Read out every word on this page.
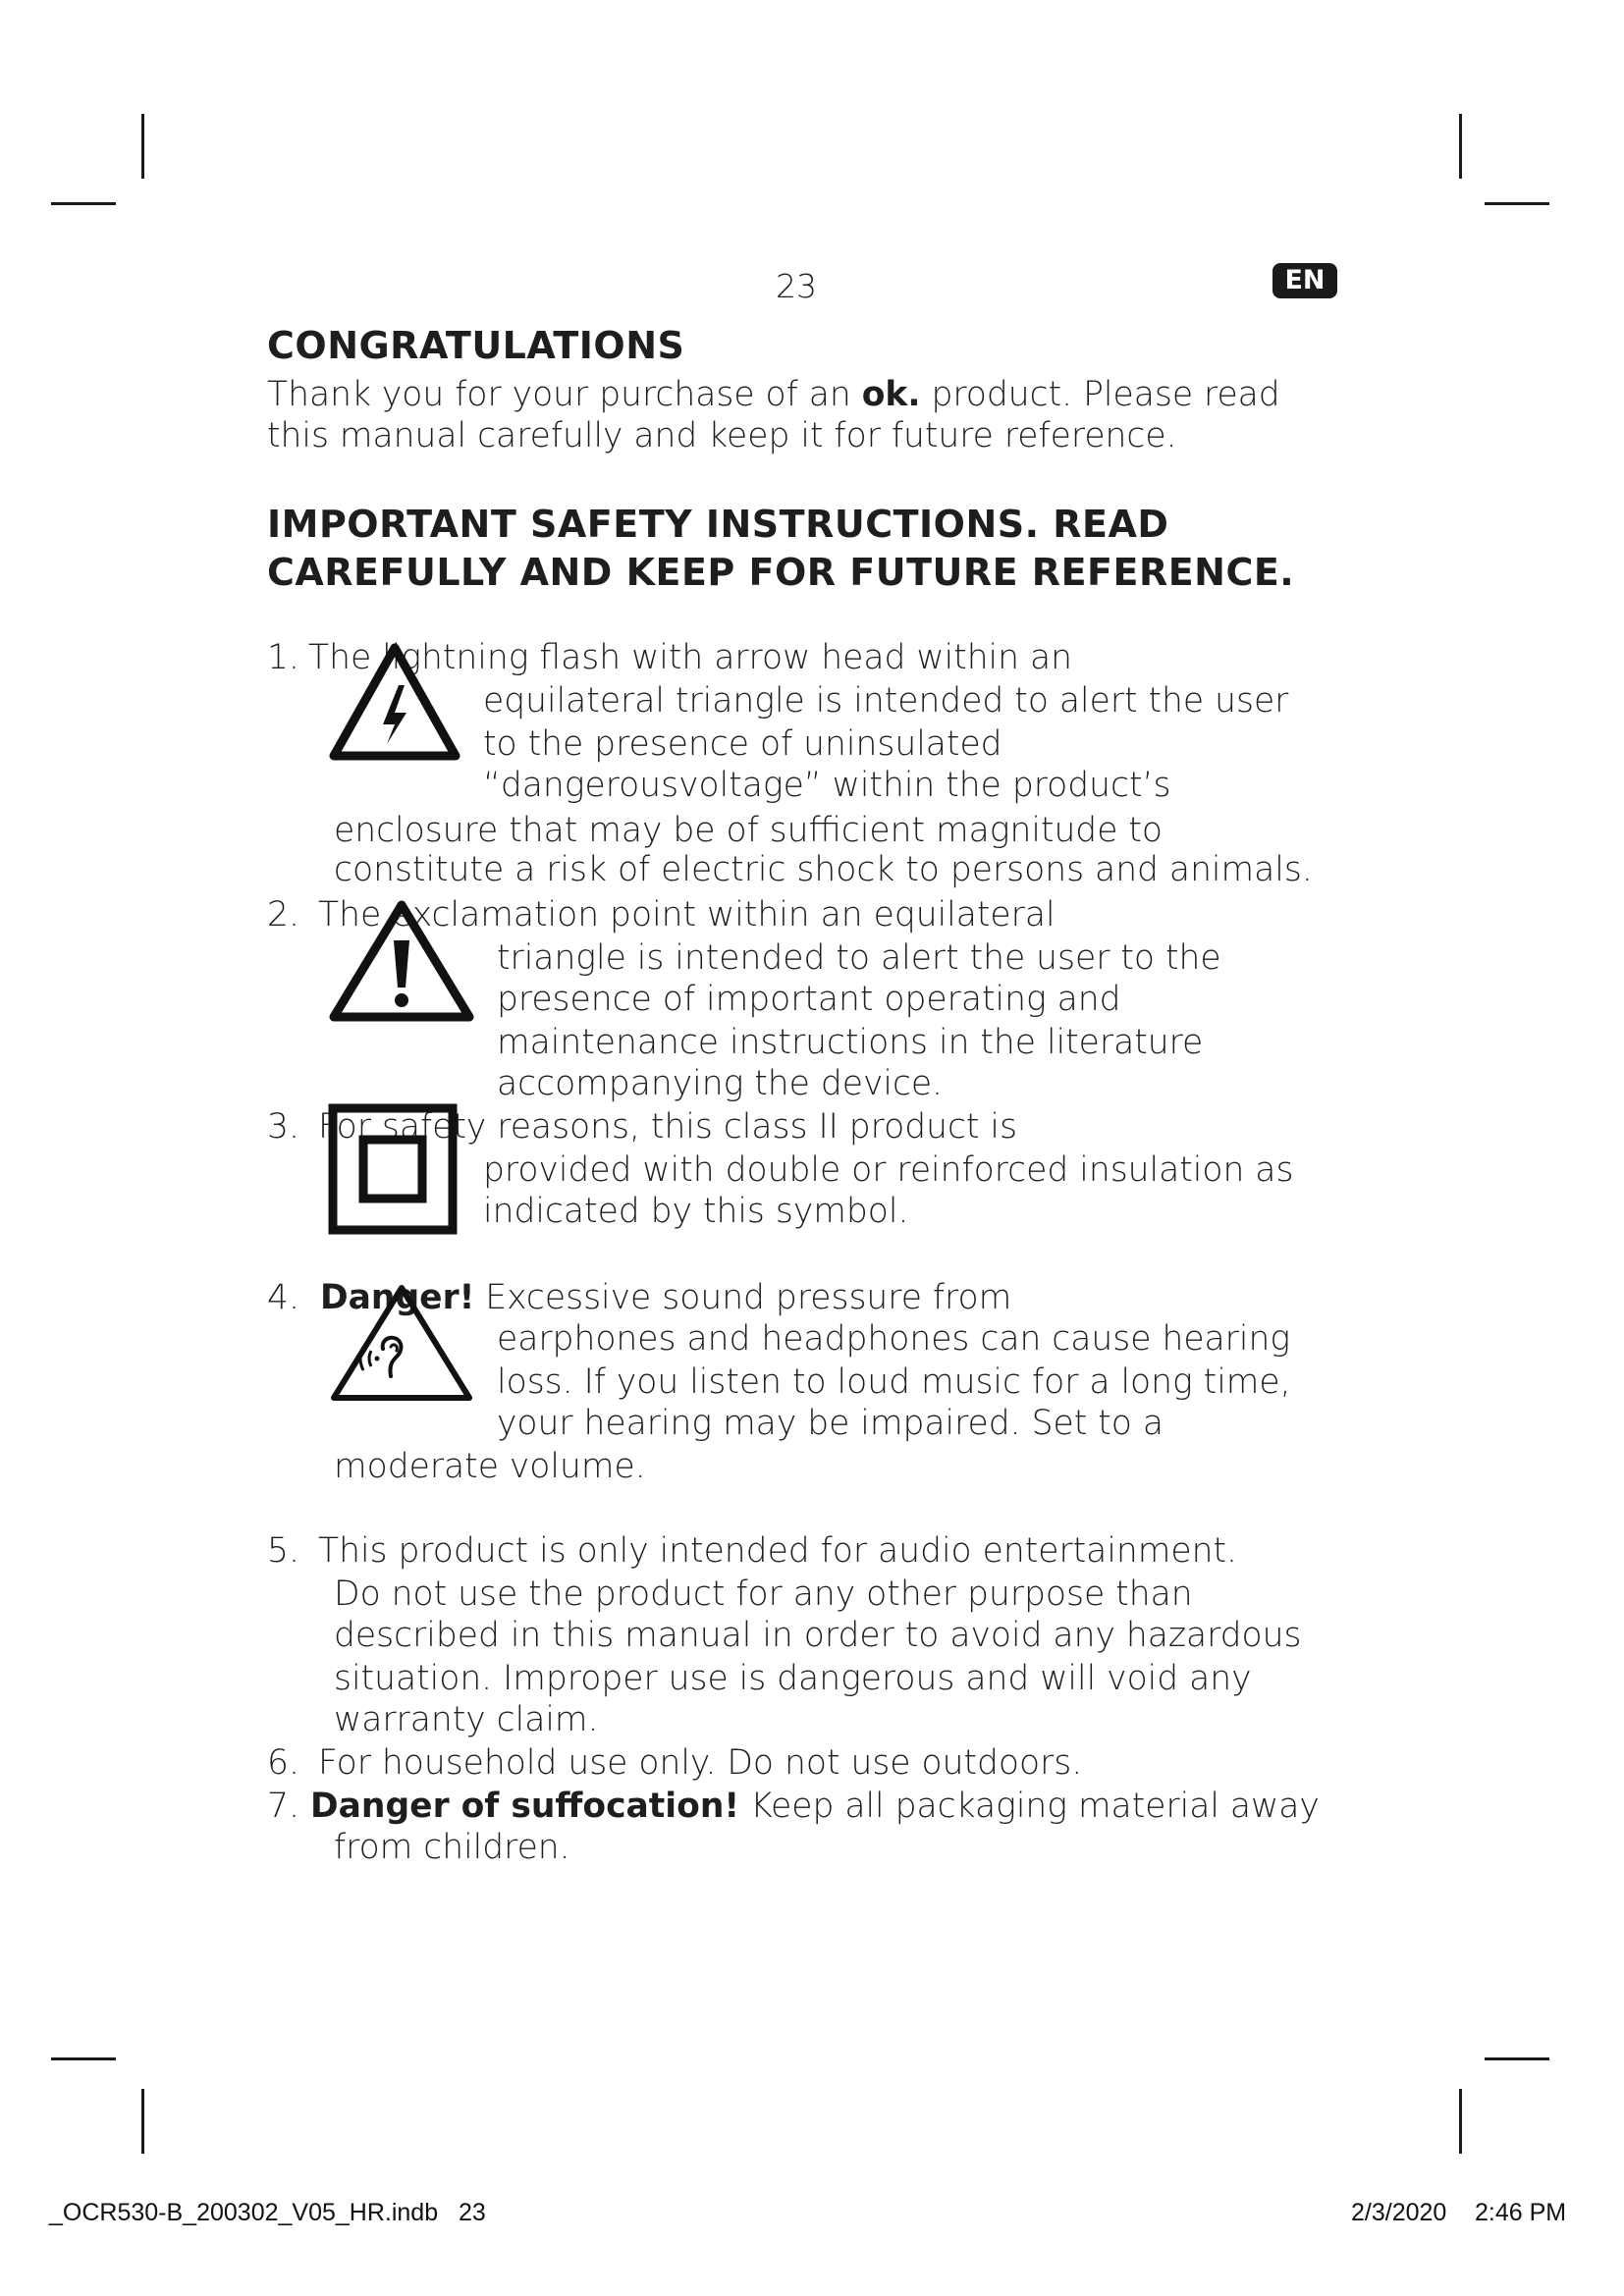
23	EN
CONGRATULATIONS
Thank you for your purchase of an ok. product. Please read
this manual carefully and keep it for future reference.
IMPORTANT SAFETY INSTRUCTIONS. READ
CAREFULLY AND KEEP FOR FUTURE REFERENCE.
1. The lightning flash with arrow head within an
equilateral triangle is intended to alert the user
to the presence of uninsulated
“dangerousvoltage” within the product’s
enclosure that may be of sufficient magnitude to
constitute a risk of electric shock to persons and animals.
2. The exclamation point within an equilateral
triangle is intended to alert the user to the
presence of important operating and
maintenance instructions in the literature
accompanying the device.
3. For safety reasons, this class II product is
provided with double or reinforced insulation as
indicated by this symbol.
4. Danger! Excessive sound pressure from
earphones and headphones can cause hearing
loss. If you listen to loud music for a long time,
your hearing may be impaired. Set to a
moderate volume.
5. This product is only intended for audio entertainment.
Do not use the product for any other purpose than
described in this manual in order to avoid any hazardous
situation. Improper use is dangerous and will void any
warranty claim.
6. For household use only. Do not use outdoors.
7. Danger of suffocation! Keep all packaging material away
from children.
_OCR530-B_200302_V05_HR.indb   23	2/3/2020 2:46 PM
